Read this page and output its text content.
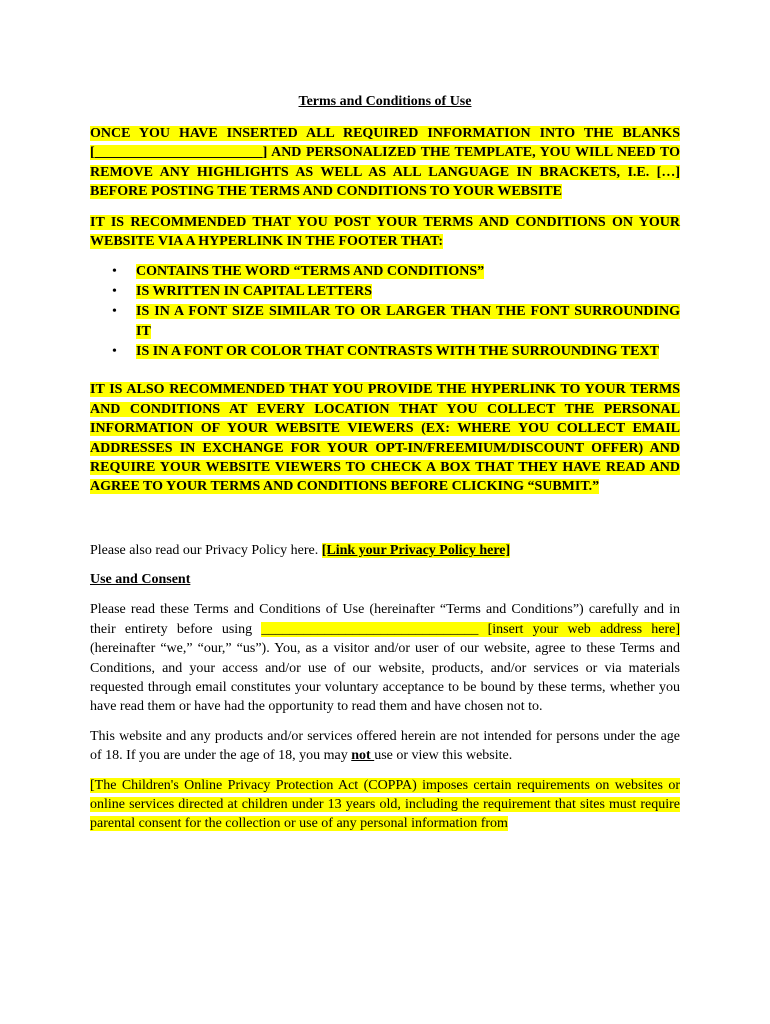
Terms and Conditions of Use

ONCE YOU HAVE INSERTED ALL REQUIRED INFORMATION INTO THE BLANKS [________________________] AND PERSONALIZED THE TEMPLATE, YOU WILL NEED TO REMOVE ANY HIGHLIGHTS AS WELL AS ALL LANGUAGE IN BRACKETS, I.E. […] BEFORE POSTING THE TERMS AND CONDITIONS TO YOUR WEBSITE

IT IS RECOMMENDED THAT YOU POST YOUR TERMS AND CONDITIONS ON YOUR WEBSITE VIA A HYPERLINK IN THE FOOTER THAT:

• CONTAINS THE WORD “TERMS AND CONDITIONS”
• IS WRITTEN IN CAPITAL LETTERS
• IS IN A FONT SIZE SIMILAR TO OR LARGER THAN THE FONT SURROUNDING IT
• IS IN A FONT OR COLOR THAT CONTRASTS WITH THE SURROUNDING TEXT

IT IS ALSO RECOMMENDED THAT YOU PROVIDE THE HYPERLINK TO YOUR TERMS AND CONDITIONS AT EVERY LOCATION THAT YOU COLLECT THE PERSONAL INFORMATION OF YOUR WEBSITE VIEWERS (EX: WHERE YOU COLLECT EMAIL ADDRESSES IN EXCHANGE FOR YOUR OPT-IN/FREEMIUM/DISCOUNT OFFER) AND REQUIRE YOUR WEBSITE VIEWERS TO CHECK A BOX THAT THEY HAVE READ AND AGREE TO YOUR TERMS AND CONDITIONS BEFORE CLICKING “SUBMIT.”

Please also read our Privacy Policy here. [Link your Privacy Policy here]

Use and Consent

Please read these Terms and Conditions of Use (hereinafter “Terms and Conditions”) carefully and in their entirety before using _______________________________ [insert your web address here] (hereinafter “we,” “our,” “us”). You, as a visitor and/or user of our website, agree to these Terms and Conditions, and your access and/or use of our website, products, and/or services or via materials requested through email constitutes your voluntary acceptance to be bound by these terms, whether you have read them or have had the opportunity to read them and have chosen not to.

This website and any products and/or services offered herein are not intended for persons under the age of 18. If you are under the age of 18, you may not use or view this website.

[The Children's Online Privacy Protection Act (COPPA) imposes certain requirements on websites or online services directed at children under 13 years old, including the requirement that sites must require parental consent for the collection or use of any personal information from
